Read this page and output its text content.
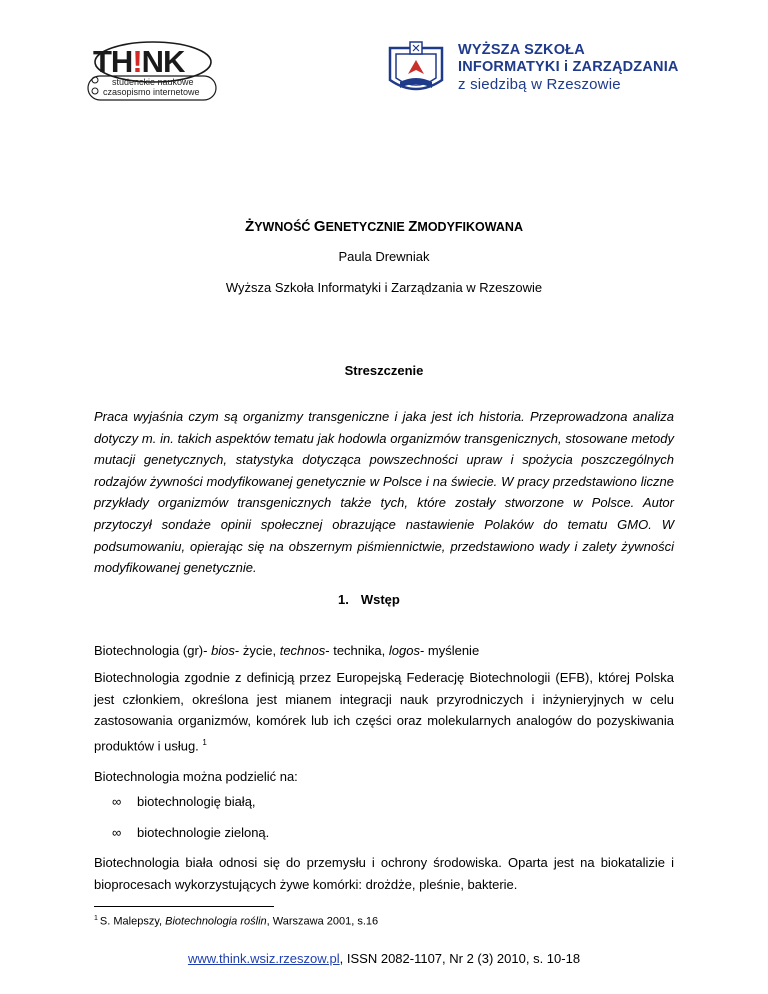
TH!NK
studenckie naukowe
czasopismo internetowe
WYŻSZA SZKOŁA
INFORMATYKI i ZARZĄDZANIA
z siedzibą w Rzeszowie
ŻYWNOŚĆ GENETYCZNIE ZMODYFIKOWANA
Paula Drewniak
Wyższa Szkoła Informatyki i Zarządzania w Rzeszowie
Streszczenie
Praca wyjaśnia czym są organizmy transgeniczne i jaka jest ich historia. Przeprowadzona analiza dotyczy m. in. takich aspektów tematu jak hodowla organizmów transgenicznych, stosowane metody mutacji genetycznych, statystyka dotycząca powszechności upraw i spożycia poszczególnych rodzajów żywności modyfikowanej genetycznie w Polsce i na świecie. W pracy przedstawiono liczne przykłady organizmów transgenicznych także tych, które zostały stworzone w Polsce. Autor przytoczył sondaże opinii społecznej obrazujące nastawienie Polaków do tematu GMO. W podsumowaniu, opierając się na obszernym piśmiennictwie, przedstawiono wady i zalety żywności modyfikowanej genetycznie.
1. Wstęp
Biotechnologia (gr)- bios- życie, technos- technika, logos- myślenie
Biotechnologia zgodnie z definicją przez Europejską Federację Biotechnologii (EFB), której Polska jest członkiem, określona jest mianem integracji nauk przyrodniczych i inżynieryjnych w celu zastosowania organizmów, komórek lub ich części oraz molekularnych analogów do pozyskiwania produktów i usług. $^1$
Biotechnologia można podzielić na:
∞ biotechnologię białą,
∞ biotechnologie zieloną.
Biotechnologia biała odnosi się do przemysłu i ochrony środowiska. Oparta jest na biokatalizie i bioprocesach wykorzystujących żywe komórki: drożdże, pleśnie, bakterie.
$^1$ S. Malepszy, Biotechnologia roślin, Warszawa 2001, s.16
www.think.wsiz.rzeszow.pl, ISSN 2082-1107, Nr 2 (3) 2010, s. 10-18
